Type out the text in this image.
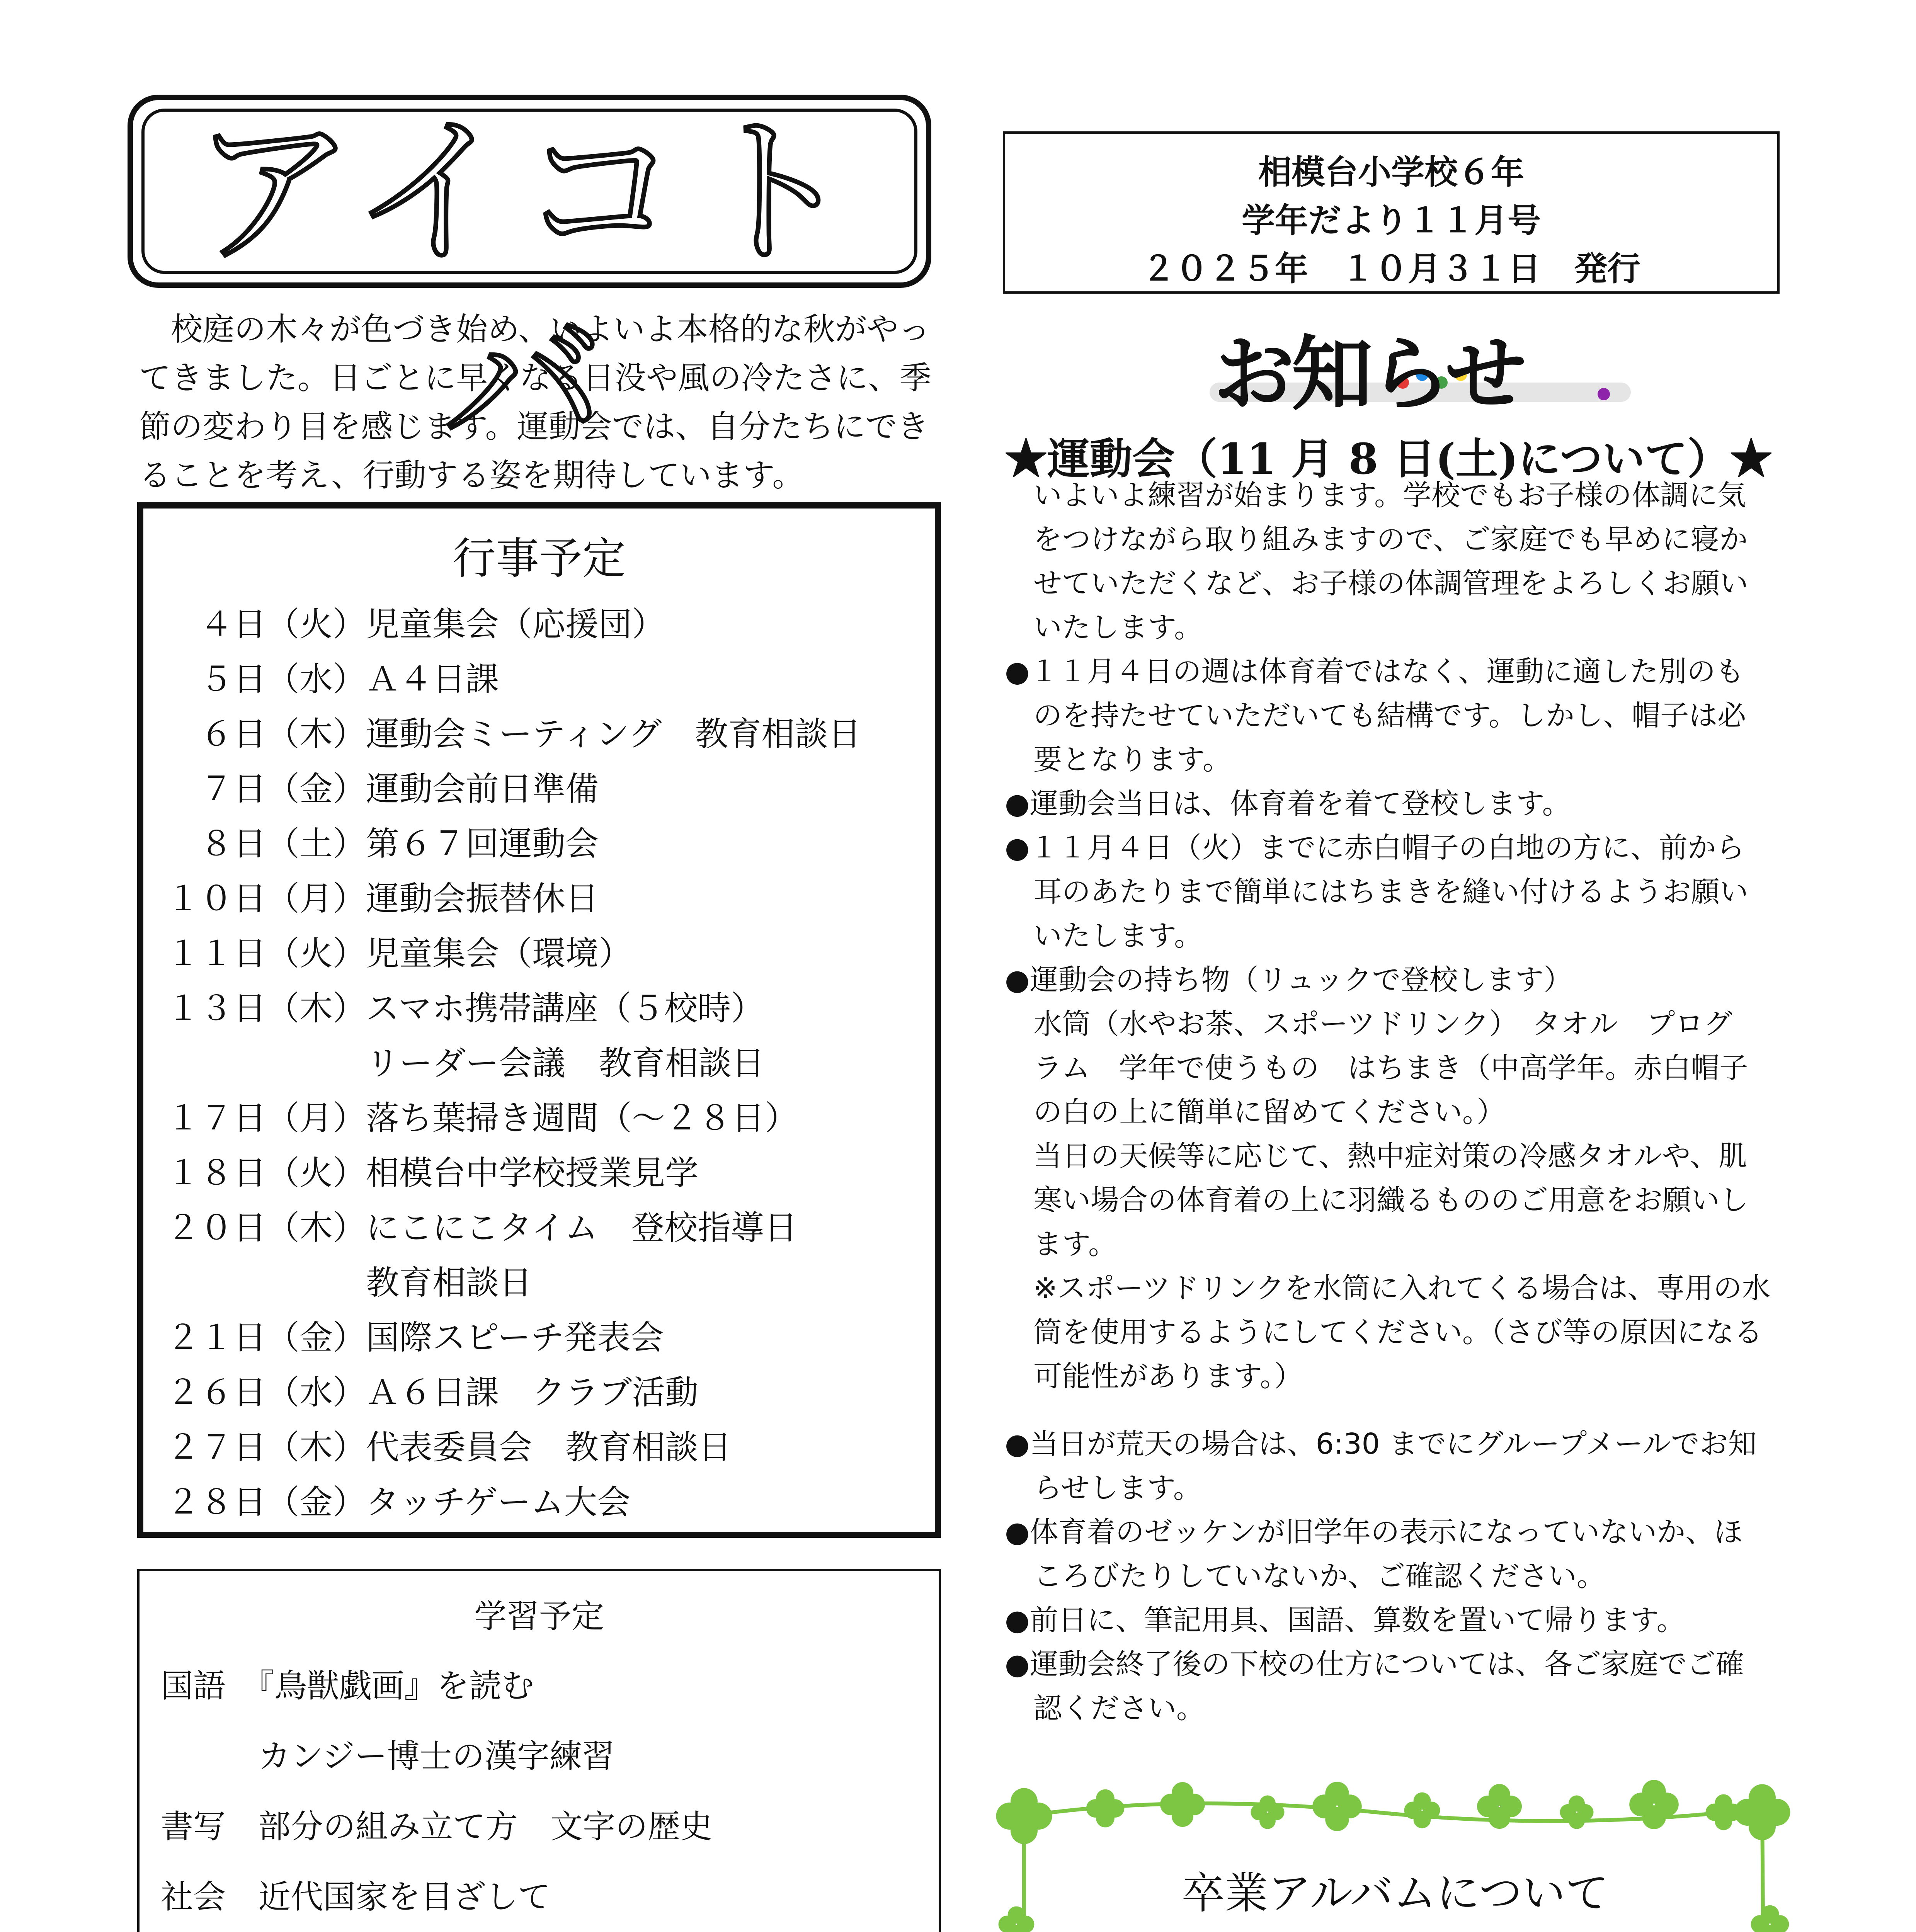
アイコトバ

校庭の木々が色づき始め、いよいよ本格的な秋がやってきました。日ごとに早くなる日没や風の冷たさに、季節の変わり目を感じます。運動会では、自分たちにできることを考え、行動する姿を期待しています。

行事予定
　４日（火）児童集会（応援団）
　５日（水）Ａ４日課
　６日（木）運動会ミーティング　教育相談日
　７日（金）運動会前日準備
　８日（土）第６７回運動会
１０日（月）運動会振替休日
１１日（火）児童集会（環境）
１３日（木）スマホ携帯講座（５校時）
　　　　　　リーダー会議　教育相談日
１７日（月）落ち葉掃き週間（～２８日）
１８日（火）相模台中学校授業見学
２０日（木）にこにこタイム　登校指導日
　　　　　　教育相談日
２１日（金）国際スピーチ発表会
２６日（水）Ａ６日課　クラブ活動
２７日（木）代表委員会　教育相談日
２８日（金）タッチゲーム大会
学習予定
国語　『鳥獣戯画』を読む
　　　カンジー博士の漢字練習
書写　部分の組み立て方　文字の歴史
社会　近代国家を目ざして
相模台小学校６年
学年だより１１月号
２０２５年　１０月３１日　発行
お知らせ
★運動会（11 月 8 日(土)について）★
　いよいよ練習が始まります。学校でもお子様の体調に気
　をつけながら取り組みますので、ご家庭でも早めに寝か
　せていただくなど、お子様の体調管理をよろしくお願い
　いたします。
●１１月４日の週は体育着ではなく、運動に適した別のも
　のを持たせていただいても結構です。しかし、帽子は必
　要となります。
●運動会当日は、体育着を着て登校します。
●１１月４日（火）までに赤白帽子の白地の方に、前から
　耳のあたりまで簡単にはちまきを縫い付けるようお願い
　いたします。
●運動会の持ち物（リュックで登校します）
　水筒（水やお茶、スポーツドリンク）　タオル　プログ
　ラム　学年で使うもの　はちまき（中高学年。赤白帽子
　の白の上に簡単に留めてください。）
　当日の天候等に応じて、熱中症対策の冷感タオルや、肌
　寒い場合の体育着の上に羽織るもののご用意をお願いし
　ます。
　※スポーツドリンクを水筒に入れてくる場合は、専用の水
　筒を使用するようにしてください。（さび等の原因になる
　可能性があります。）
●当日が荒天の場合は、6:30 までにグループメールでお知
　らせします。
●体育着のゼッケンが旧学年の表示になっていないか、ほ
　ころびたりしていないか、ご確認ください。
●前日に、筆記用具、国語、算数を置いて帰ります。
●運動会終了後の下校の仕方については、各ご家庭でご確
　認ください。
卒業アルバムについて
